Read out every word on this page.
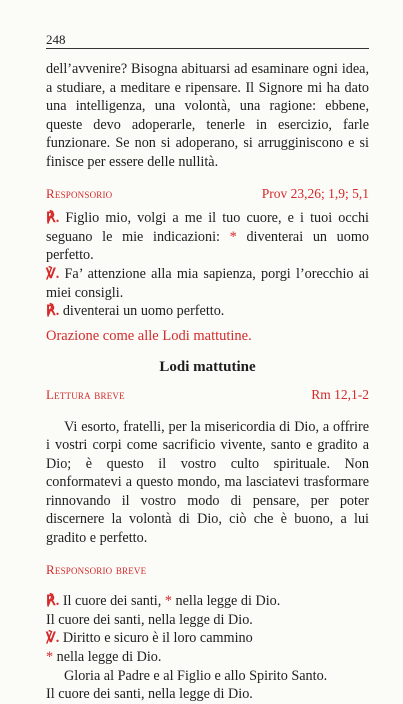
248

dell’avvenire? Bisogna abituarsi ad esaminare ogni idea, a studiare, a meditare e ripensare. Il Signore mi ha dato una intelligenza, una volontà, una ragione: ebbene, queste devo adoperarle, tenerle in esercizio, farle funzionare. Se non si adoperano, si arrugginiscono e si finisce per essere delle nullità.

Responsorio	Prov 23,26; 1,9; 5,1

℟. Figlio mio, volgi a me il tuo cuore, e i tuoi occhi seguano le mie indicazioni: * diventerai un uomo perfetto.

℣. Fa’ attenzione alla mia sapienza, porgi l’orecchio ai miei consigli.

℟. diventerai un uomo perfetto.

Orazione come alle Lodi mattutine.

Lodi mattutine

Lettura breve	Rm 12,1-2

Vi esorto, fratelli, per la misericordia di Dio, a offrire i vostri corpi come sacrificio vivente, santo e gradito a Dio; è questo il vostro culto spirituale. Non conformatevi a questo mondo, ma lasciatevi trasformare rinnovando il vostro modo di pensare, per poter discernere la volontà di Dio, ciò che è buono, a lui gradito e perfetto.

Responsorio breve
℟. Il cuore dei santi, * nella legge di Dio.
Il cuore dei santi, nella legge di Dio.
℣. Diritto e sicuro è il loro cammino
* nella legge di Dio.
Gloria al Padre e al Figlio e allo Spirito Santo.
Il cuore dei santi, nella legge di Dio.
